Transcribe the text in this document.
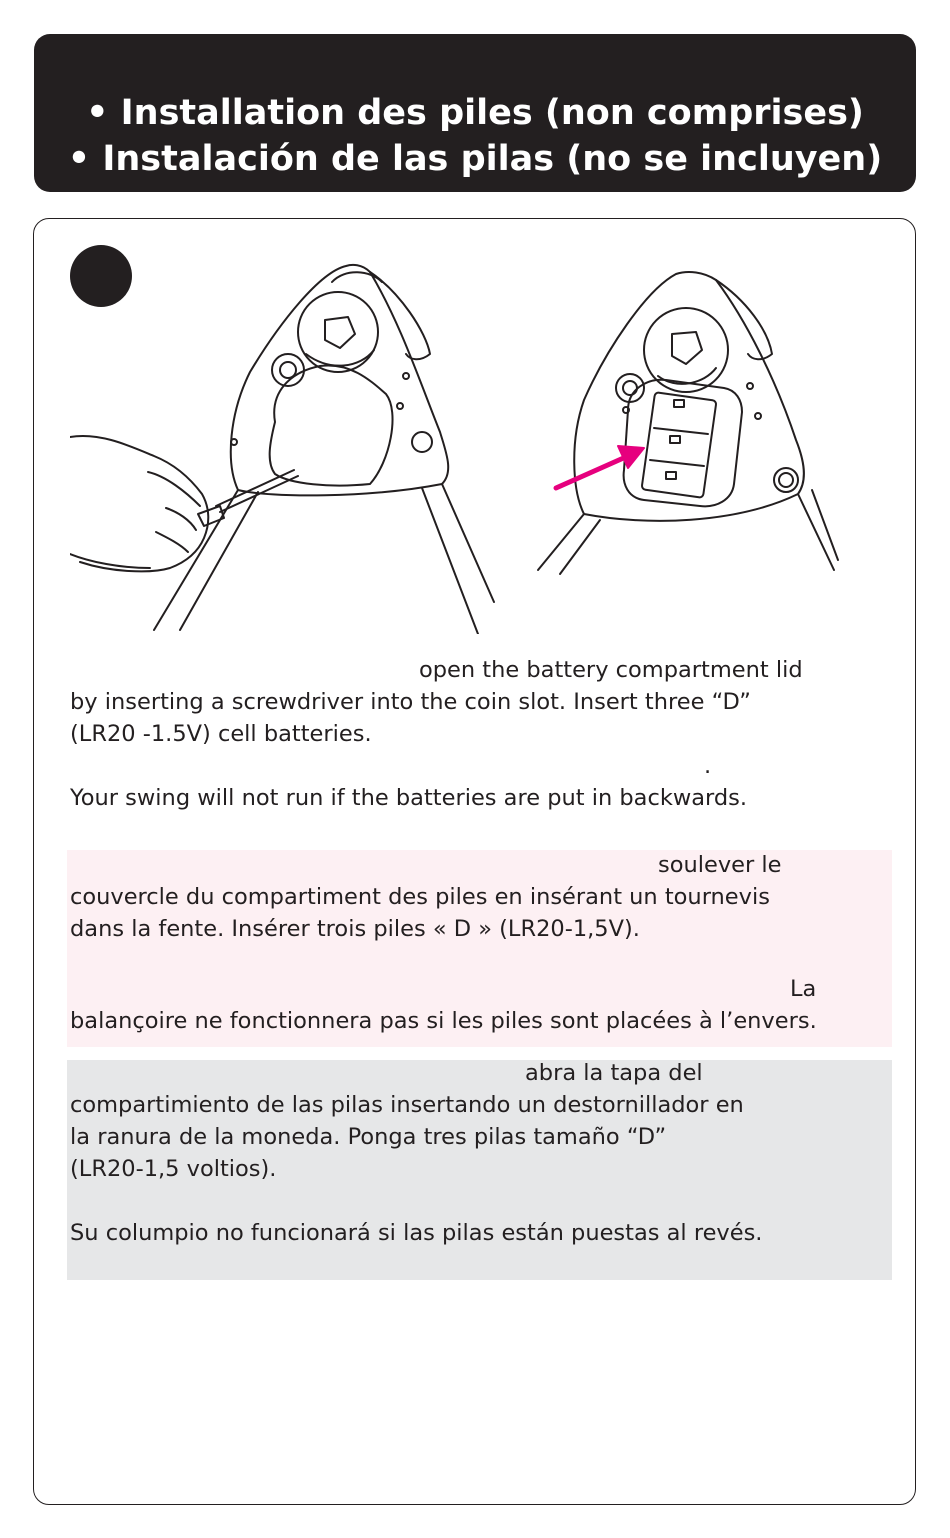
• Installation des piles (non comprises)
• Instalación de las pilas (no se incluyen)

open the battery compartment lid

by inserting a screwdriver into the coin slot. Insert three “D”

(LR20 -1.5V) cell batteries.

.

Your swing will not run if the batteries are put in backwards.

soulever le

couvercle du compartiment des piles en insérant un tournevis

dans la fente. Insérer trois piles « D » (LR20-1,5V).

La

balançoire ne fonctionnera pas si les piles sont placées à l’envers.

abra la tapa del

compartimiento de las pilas insertando un destornillador en

la ranura de la moneda. Ponga tres pilas tamaño “D”

(LR20-1,5 voltios).

Su columpio no funcionará si las pilas están puestas al revés.
